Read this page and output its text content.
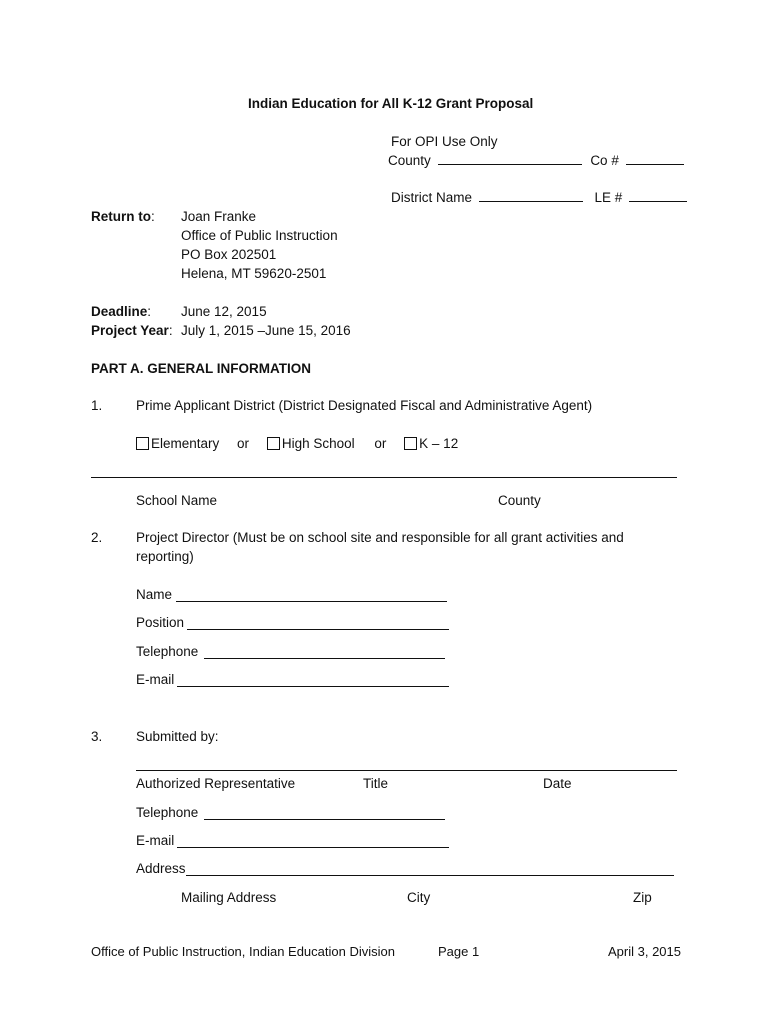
Indian Education for All K-12 Grant Proposal
For OPI Use Only
County	Co #
District Name	LE #
Return to: Joan Franke
Office of Public Instruction
PO Box 202501
Helena, MT 59620-2501
Deadline: June 12, 2015
Project Year: July 1, 2015 –June 15, 2016
PART A. GENERAL INFORMATION
1. Prime Applicant District (District Designated Fiscal and Administrative Agent)
Elementary or High School or K – 12
School Name	County
2. Project Director (Must be on school site and responsible for all grant activities and
reporting)
Name
Position
Telephone
E-mail
3. Submitted by:
Authorized Representative	Title	Date
Telephone
E-mail
Address
Mailing Address	City	Zip
Office of Public Instruction, Indian Education Division	Page 1	April 3, 2015
